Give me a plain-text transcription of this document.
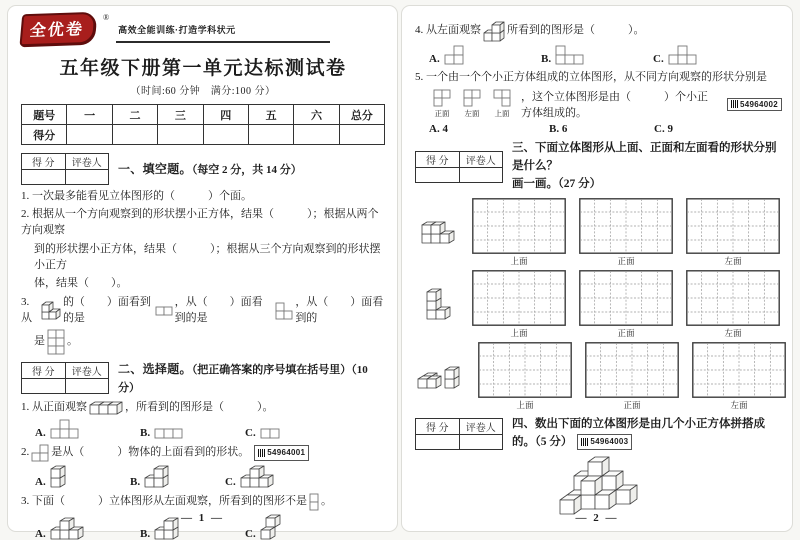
全优卷
®
高效全能训练·打造学科状元
五年级下册第一单元达标测试卷
（时间:60 分钟　满分:100 分）
题号	一	二	三	四	五	六	总分
得分							
得 分	评卷人
	一、填空题。（每空 2 分，共 14 分）
1. 一次最多能看见立体图形的（　　　）个面。
2. 根据从一个方向观察到的形状摆小正方体，结果（　　　）；根据从两个方向观察
到的形状摆小正方体，结果（　　　）；根据从三个方向观察到的形状摆小正方
体，结果（　　）。
3. 从
的（　　）面看到的是
，从（　　）面看到的是
，从（　　）面看到的
是 。
得 分	评卷人
	二、选择题。（把正确答案的序号填在括号里）（10 分）
1. 从正面观察	，所看到的图形是（　　　）。
A.	B.	C.
2. 是从（　　　）物体的上面看到的形状。 54964001
A.	B.	C.
3. 下面（　　　）立体图形从左面观察，所看到的图形不是 。
A.	B.	C.
— 1 —
4. 从左面观察 所看到的图形是（　　　）。
A.	B.	C.
5. 一个由一个个小正方体组成的立体图形，从不同方向观察的形状分别是
正面 左面 上面
，这个立体图形是由（　　　）个小正方体组成的。
54964002
A. 4	B. 6	C. 9
得 分	评卷人

三、下面立体图形从上面、正面和左面看的形状分别是什么？
画一画。（27 分）
上面	正面	左面
上面	正面	左面
上面	正面	左面
得 分	评卷人
	四、数出下面的立体图形是由几个小正方体拼搭成
的。（5 分） 54964003
— 2 —
